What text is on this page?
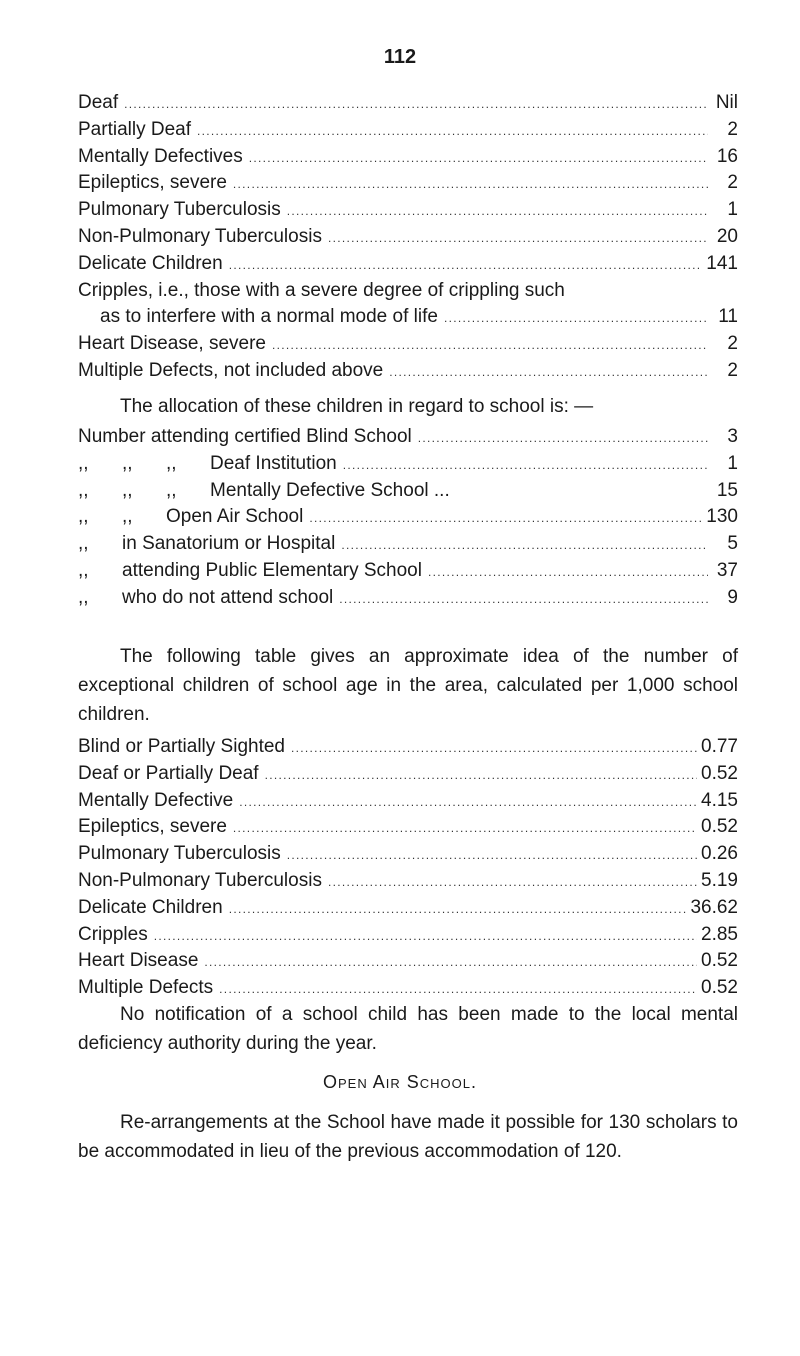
112
Deaf .....	Nil
Partially Deaf .....	2
Mentally Defectives .....	16
Epileptics, severe .....	2
Pulmonary Tuberculosis .....	1
Non-Pulmonary Tuberculosis .....	20
Delicate Children .....	141
Cripples, i.e., those with a severe degree of crippling such
as to interfere with a normal mode of life .....	11
Heart Disease, severe .....	2
Multiple Defects, not included above .....	2
The allocation of these children in regard to school is: —
Number attending certified Blind School .....	3
,, ,, ,, Deaf Institution .....	1
,, ,, ,, Mentally Defective School ...	15
,, ,, Open Air School .....	130
,, in Sanatorium or Hospital .....	5
,, attending Public Elementary School .....	37
,, who do not attend school .....	9
The following table gives an approximate idea of the number of exceptional children of school age in the area, calculated per 1,000 school children.
Blind or Partially Sighted .....	0.77
Deaf or Partially Deaf .....	0.52
Mentally Defective .....	4.15
Epileptics, severe .....	0.52
Pulmonary Tuberculosis .....	0.26
Non-Pulmonary Tuberculosis .....	5.19
Delicate Children .....	36.62
Cripples .....	2.85
Heart Disease .....	0.52
Multiple Defects .....	0.52
No notification of a school child has been made to the local mental deficiency authority during the year.
Open Air School.
Re-arrangements at the School have made it possible for 130 scholars to be accommodated in lieu of the previous accommodation of 120.
